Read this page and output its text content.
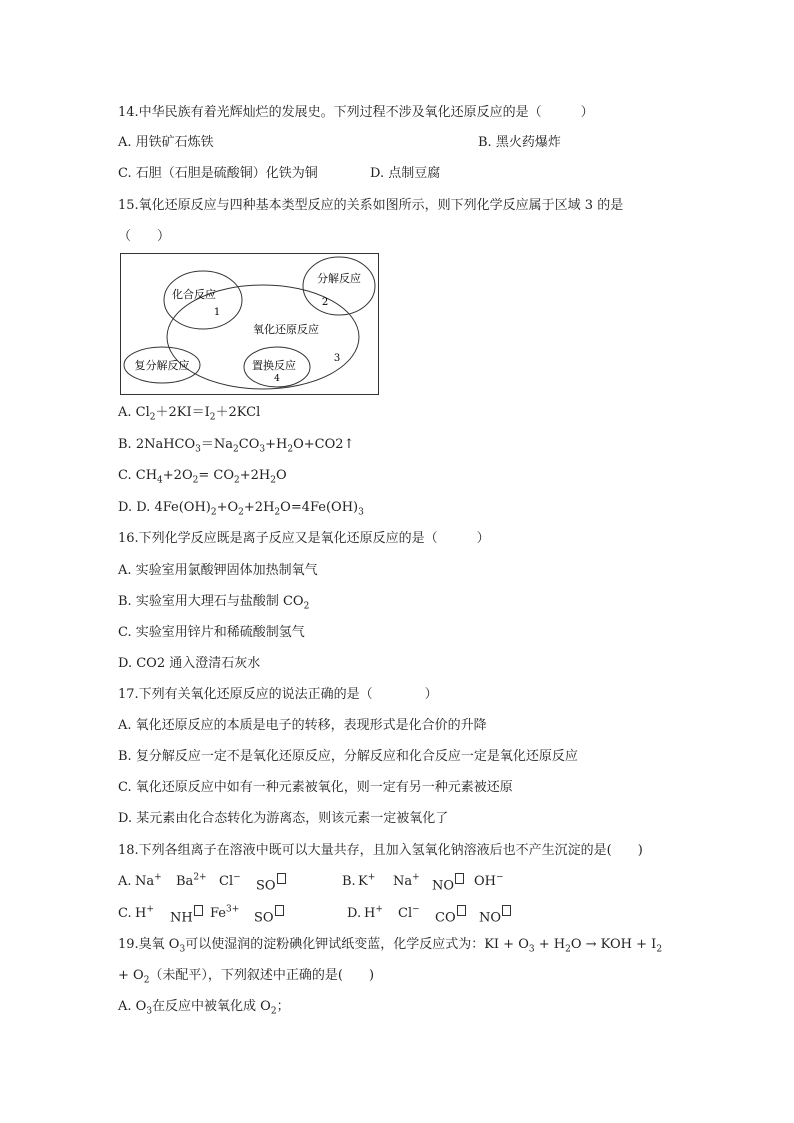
14.中华民族有着光辉灿烂的发展史。下列过程不涉及氧化还原反应的是（　　　）
A. 用铁矿石炼铁	B. 黑火药爆炸
C. 石胆（石胆是硫酸铜）化铁为铜	D. 点制豆腐
15.氧化还原反应与四种基本类型反应的关系如图所示，则下列化学反应属于区域 3 的是
（　　）
化合反应
1
分解反应
2
氧化还原反应
3
复分解反应	置换反应
4
A. $Cl_2+2KI=I_2+2KCl$
B. $2NaHCO_3=Na_2CO_3+H_2O+CO2↑$
C. $CH_4+2O_2= CO_2+2H_2O$
D. D. $4Fe(OH)_2+O_2+2H_2O=4Fe(OH)_3$
16.下列化学反应既是离子反应又是氧化还原反应的是（　　　）
A. 实验室用氯酸钾固体加热制氧气
B. 实验室用大理石与盐酸制 $CO_2$
C. 实验室用锌片和稀硫酸制氢气
D. CO2 通入澄清石灰水
17.下列有关氧化还原反应的说法正确的是（　　　　）
A. 氧化还原反应的本质是电子的转移，表现形式是化合价的升降
B. 复分解反应一定不是氧化还原反应，分解反应和化合反应一定是氧化还原反应
C. 氧化还原反应中如有一种元素被氧化，则一定有另一种元素被还原
D. 某元素由化合态转化为游离态，则该元素一定被氧化了
18.下列各组离子在溶液中既可以大量共存，且加入氢氧化钠溶液后也不产生沉淀的是(　　)
A. Na+ $Ba^{2+}$ Cl−
SO	B. K+ Na+
NO	OH−
C. H+
NH	$Fe^{3+}$
SO	D. H+ Cl−
CO	NO
19.臭氧 $O_3$可以使湿润的淀粉碘化钾试纸变蓝，化学反应式为：KI + $O_3 + H_2O$ → KOH + $I_2$
+ $O_2$（未配平），下列叙述中正确的是(　　)
A. $O_3$在反应中被氧化成 $O_2$；
